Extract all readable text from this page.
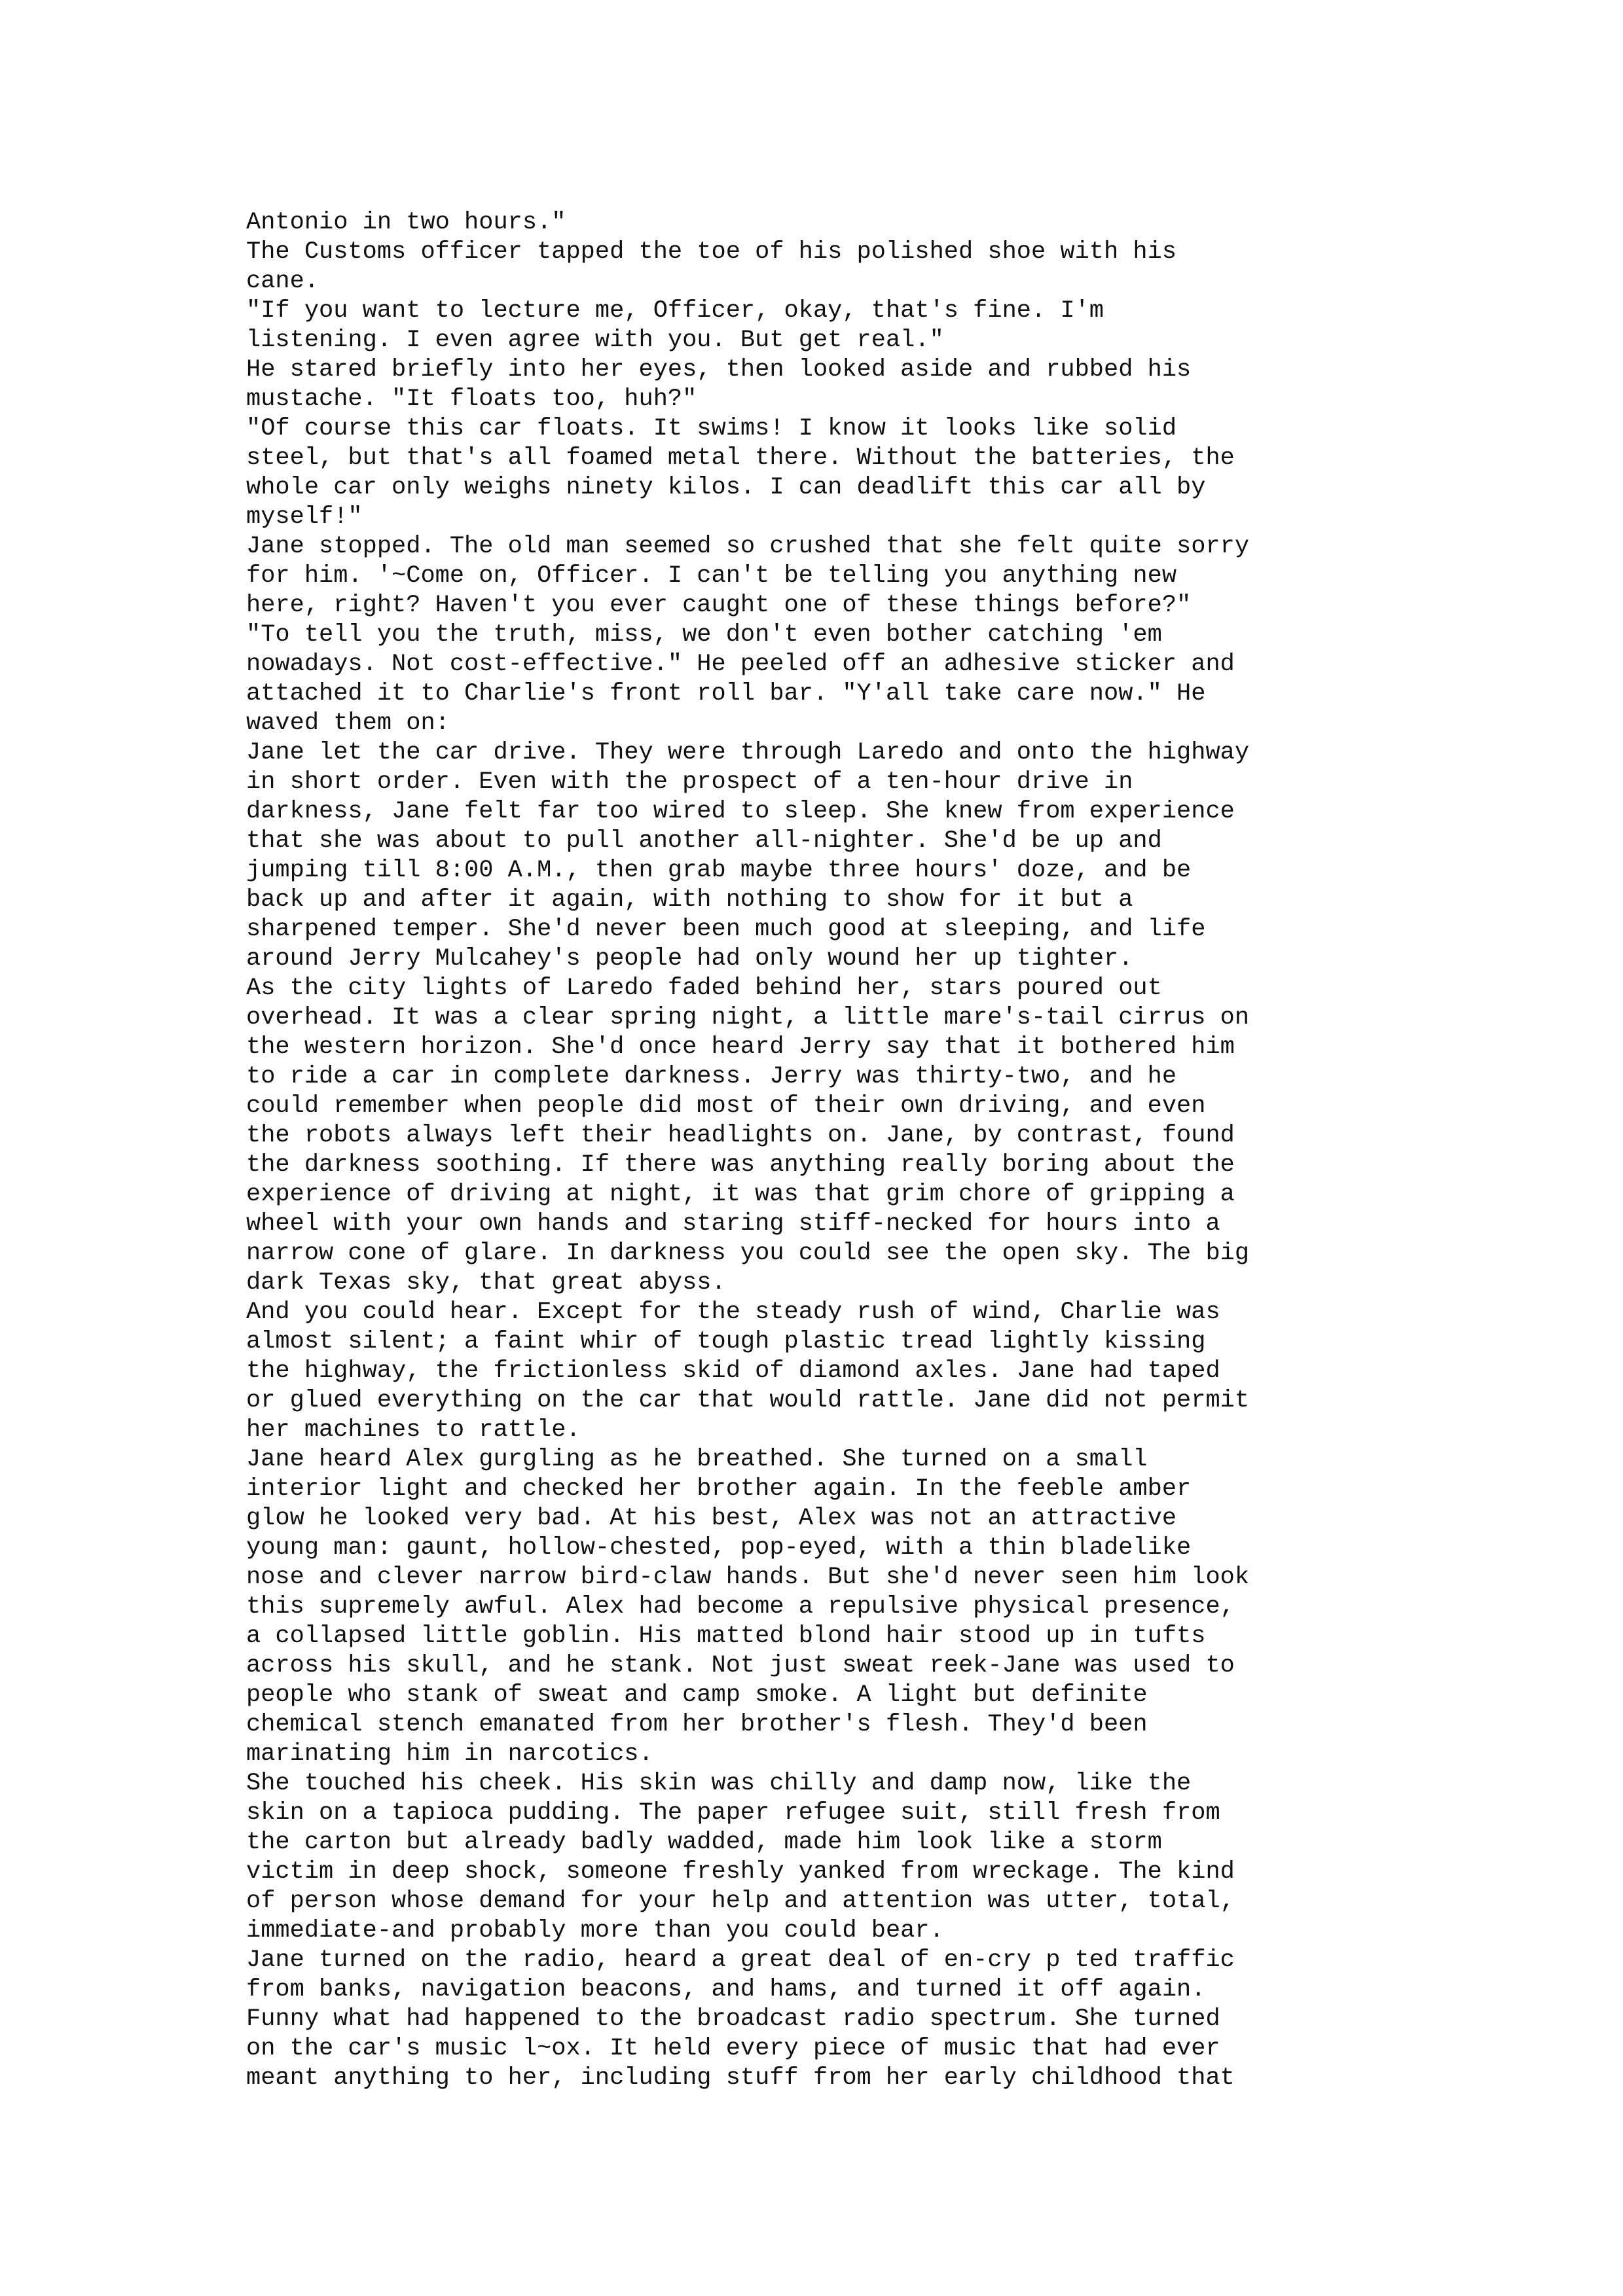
Antonio in two hours."

The Customs officer tapped the toe of his polished shoe with his

cane.

"If you want to lecture me, Officer, okay, that's fine. I'm

listening. I even agree with you. But get real."

He stared briefly into her eyes, then looked aside and rubbed his

mustache. "It floats too, huh?"

"Of course this car floats. It swims! I know it looks like solid

steel, but that's all foamed metal there. Without the batteries, the

whole car only weighs ninety kilos. I can deadlift this car all by

myself!"

Jane stopped. The old man seemed so crushed that she felt quite sorry

for him. '~Come on, Officer. I can't be telling you anything new

here, right? Haven't you ever caught one of these things before?"

"To tell you the truth, miss, we don't even bother catching 'em

nowadays. Not cost-effective." He peeled off an adhesive sticker and

attached it to Charlie's front roll bar. "Y'all take care now." He

waved them on:

Jane let the car drive. They were through Laredo and onto the highway

in short order. Even with the prospect of a ten-hour drive in

darkness, Jane felt far too wired to sleep. She knew from experience

that she was about to pull another all-nighter. She'd be up and

jumping till 8:00 A.M., then grab maybe three hours' doze, and be

back up and after it again, with nothing to show for it but a

sharpened temper. She'd never been much good at sleeping, and life

around Jerry Mulcahey's people had only wound her up tighter.

As the city lights of Laredo faded behind her, stars poured out

overhead. It was a clear spring night, a little mare's-tail cirrus on

the western horizon. She'd once heard Jerry say that it bothered him

to ride a car in complete darkness. Jerry was thirty-two, and he

could remember when people did most of their own driving, and even

the robots always left their headlights on. Jane, by contrast, found

the darkness soothing. If there was anything really boring about the

experience of driving at night, it was that grim chore of gripping a

wheel with your own hands and staring stiff-necked for hours into a

narrow cone of glare. In darkness you could see the open sky. The big

dark Texas sky, that great abyss.

And you could hear. Except for the steady rush of wind, Charlie was

almost silent; a faint whir of tough plastic tread lightly kissing

the highway, the frictionless skid of diamond axles. Jane had taped

or glued everything on the car that would rattle. Jane did not permit

her machines to rattle.

Jane heard Alex gurgling as he breathed. She turned on a small

interior light and checked her brother again. In the feeble amber

glow he looked very bad. At his best, Alex was not an attractive

young man: gaunt, hollow-chested, pop-eyed, with a thin bladelike

nose and clever narrow bird-claw hands. But she'd never seen him look

this supremely awful. Alex had become a repulsive physical presence,

a collapsed little goblin. His matted blond hair stood up in tufts

across his skull, and he stank. Not just sweat reek-Jane was used to

people who stank of sweat and camp smoke. A light but definite

chemical stench emanated from her brother's flesh. They'd been

marinating him in narcotics.

She touched his cheek. His skin was chilly and damp now, like the

skin on a tapioca pudding. The paper refugee suit, still fresh from

the carton but already badly wadded, made him look like a storm

victim in deep shock, someone freshly yanked from wreckage. The kind

of person whose demand for your help and attention was utter, total,

immediate-and probably more than you could bear.

Jane turned on the radio, heard a great deal of en-cry p ted traffic

from banks, navigation beacons, and hams, and turned it off again.

Funny what had happened to the broadcast radio spectrum. She turned

on the car's music l~ox. It held every piece of music that had ever

meant anything to her, including stuff from her early childhood that
